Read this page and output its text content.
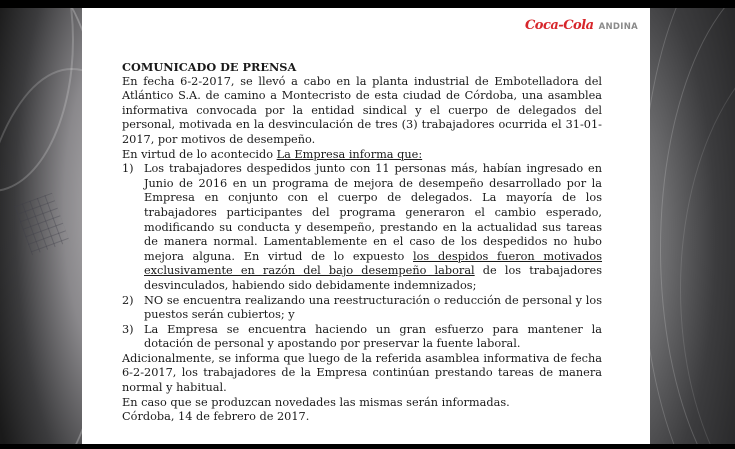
Coca-Cola ANDINA

COMUNICADO DE PRENSA

En fecha 6-2-2017, se llevó a cabo en la planta industrial de Embotelladora del Atlántico S.A. de camino a Montecristo de esta ciudad de Córdoba, una asamblea informativa convocada por la entidad sindical y el cuerpo de delegados del personal, motivada en la desvinculación de tres (3) trabajadores ocurrida el 31-01-2017, por motivos de desempeño.

En virtud de lo acontecido La Empresa informa que:

1) Los trabajadores despedidos junto con 11 personas más, habían ingresado en Junio de 2016 en un programa de mejora de desempeño desarrollado por la Empresa en conjunto con el cuerpo de delegados. La mayoría de los trabajadores participantes del programa generaron el cambio esperado, modificando su conducta y desempeño, prestando en la actualidad sus tareas de manera normal. Lamentablemente en el caso de los despedidos no hubo mejora alguna. En virtud de lo expuesto los despidos fueron motivados exclusivamente en razón del bajo desempeño laboral de los trabajadores desvinculados, habiendo sido debidamente indemnizados;
2) NO se encuentra realizando una reestructuración o reducción de personal y los puestos serán cubiertos; y
3) La Empresa se encuentra haciendo un gran esfuerzo para mantener la dotación de personal y apostando por preservar la fuente laboral.

Adicionalmente, se informa que luego de la referida asamblea informativa de fecha 6-2-2017, los trabajadores de la Empresa continúan prestando tareas de manera normal y habitual.

En caso que se produzcan novedades las mismas serán informadas.

Córdoba, 14 de febrero de 2017.
